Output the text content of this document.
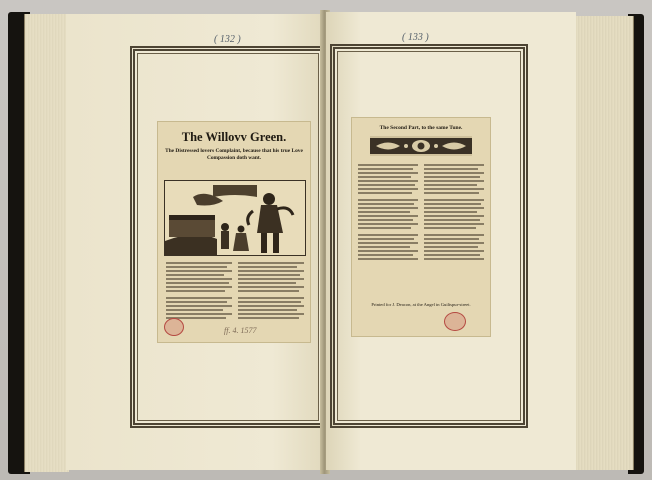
( 132 )
The Willovv Green.
The Distressed lovers Complaint, because that his true Love Compassion doth want.
ff. 4. 1577
( 133 )
The Second Part, to the same Tune.
Printed for J. Deacon, at the Angel in Guiltspur-street.
